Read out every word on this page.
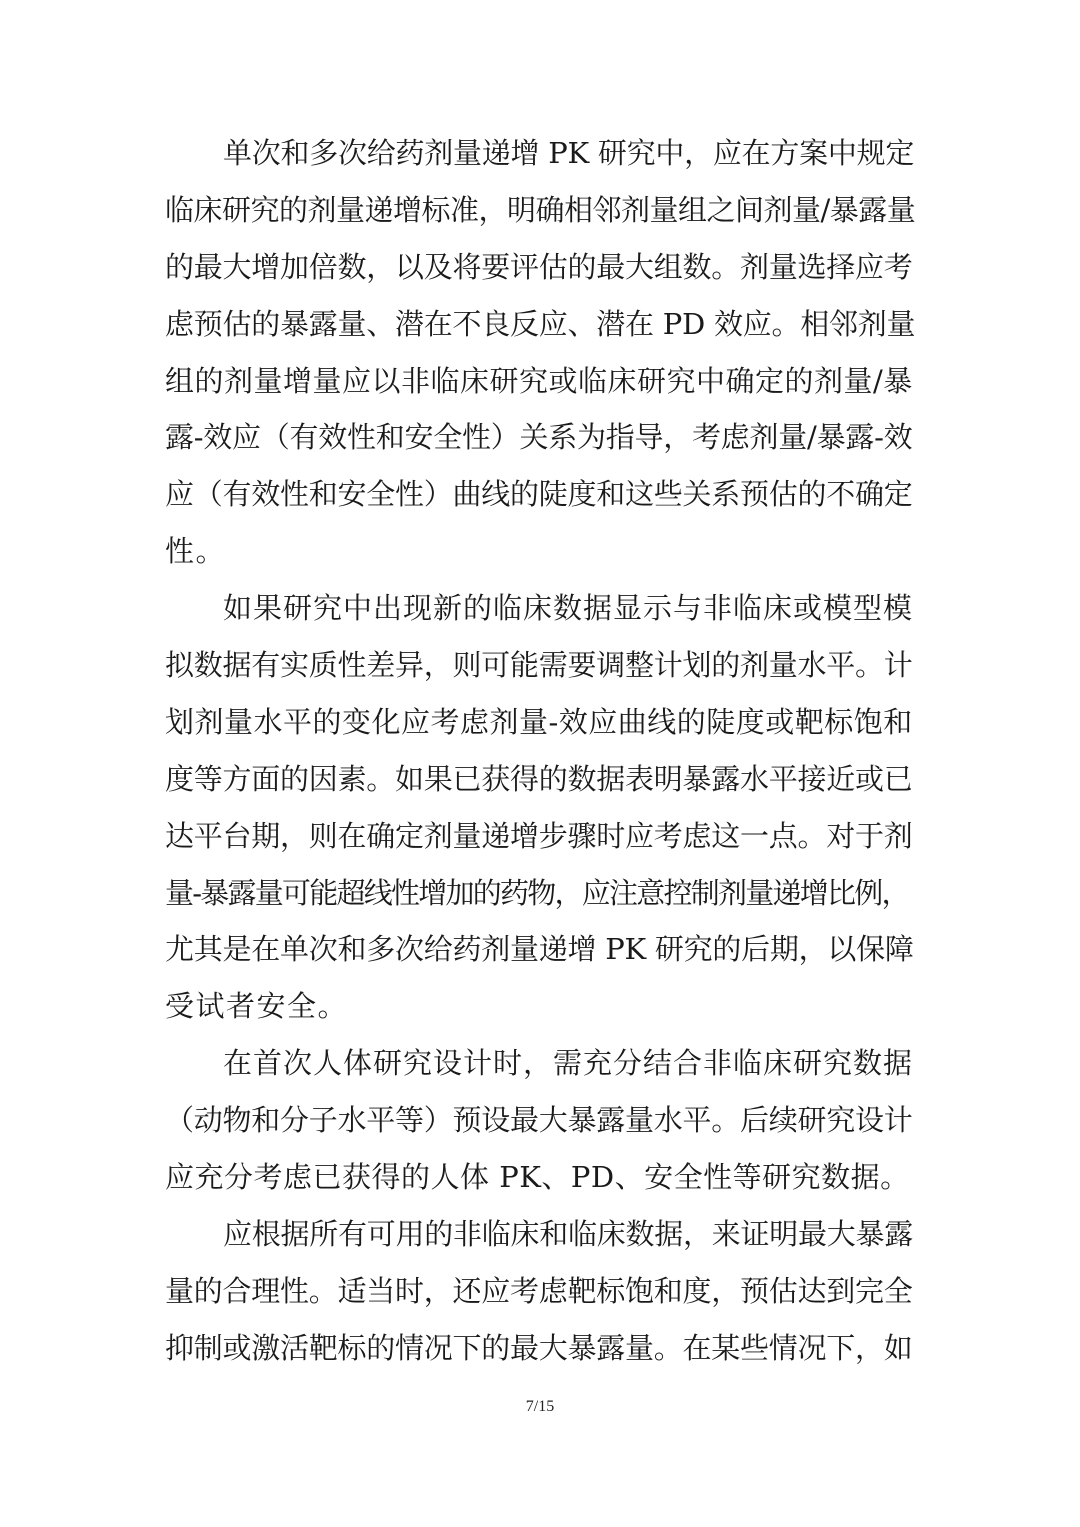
单次和多次给药剂量递增 PK 研究中，应在方案中规定
临床研究的剂量递增标准，明确相邻剂量组之间剂量/暴露量
的最大增加倍数，以及将要评估的最大组数。剂量选择应考
虑预估的暴露量、潜在不良反应、潜在 PD 效应。相邻剂量
组的剂量增量应以非临床研究或临床研究中确定的剂量/暴
露-效应（有效性和安全性）关系为指导，考虑剂量/暴露-效
应（有效性和安全性）曲线的陡度和这些关系预估的不确定
性。
如果研究中出现新的临床数据显示与非临床或模型模
拟数据有实质性差异，则可能需要调整计划的剂量水平。计
划剂量水平的变化应考虑剂量-效应曲线的陡度或靶标饱和
度等方面的因素。如果已获得的数据表明暴露水平接近或已
达平台期，则在确定剂量递增步骤时应考虑这一点。对于剂
量-暴露量可能超线性增加的药物，应注意控制剂量递增比例，
尤其是在单次和多次给药剂量递增 PK 研究的后期，以保障
受试者安全。
在首次人体研究设计时，需充分结合非临床研究数据
（动物和分子水平等）预设最大暴露量水平。后续研究设计
应充分考虑已获得的人体 PK、PD、安全性等研究数据。
应根据所有可用的非临床和临床数据，来证明最大暴露
量的合理性。适当时，还应考虑靶标饱和度，预估达到完全
抑制或激活靶标的情况下的最大暴露量。在某些情况下，如
7/15
